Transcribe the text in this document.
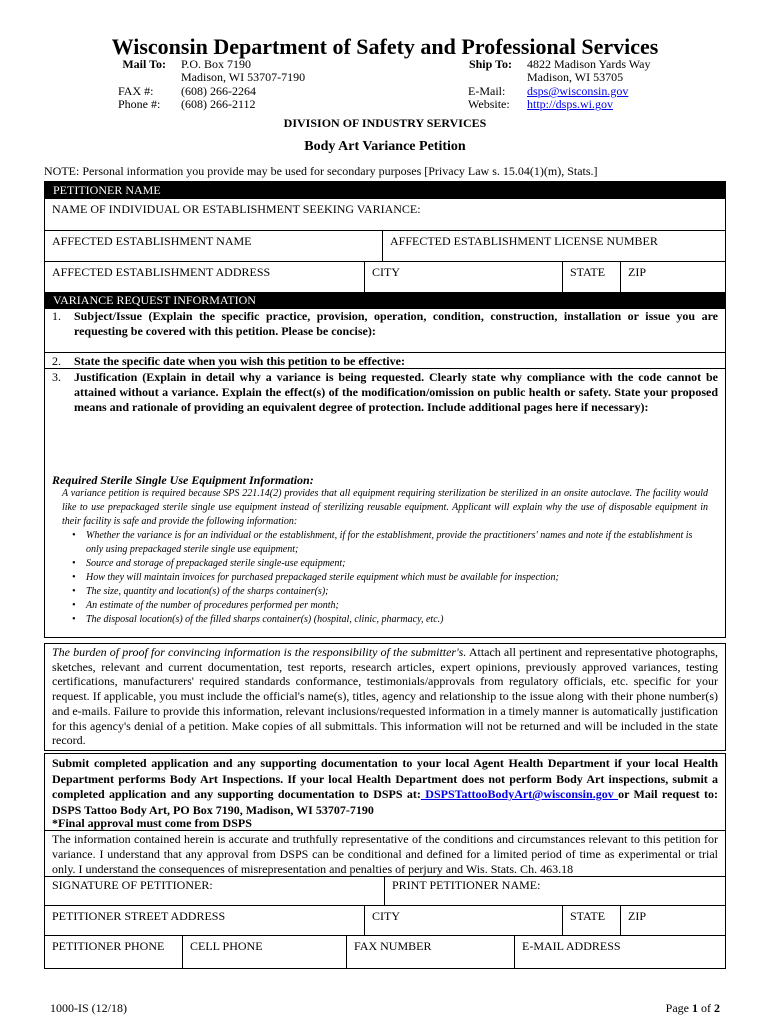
Wisconsin Department of Safety and Professional Services
Mail To: P.O. Box 7190
Madison, WI 53707-7190
FAX #: (608) 266-2264
Phone #: (608) 266-2112
Ship To: 4822 Madison Yards Way
Madison, WI 53705
E-Mail: dsps@wisconsin.gov
Website: http://dsps.wi.gov
DIVISION OF INDUSTRY SERVICES
Body Art Variance Petition
NOTE: Personal information you provide may be used for secondary purposes [Privacy Law s. 15.04(1)(m), Stats.]
PETITIONER NAME
NAME OF INDIVIDUAL OR ESTABLISHMENT SEEKING VARIANCE:
AFFECTED ESTABLISHMENT NAME	AFFECTED ESTABLISHMENT LICENSE NUMBER
AFFECTED ESTABLISHMENT ADDRESS	CITY	STATE	ZIP
VARIANCE REQUEST INFORMATION
1. Subject/Issue (Explain the specific practice, provision, operation, condition, construction, installation or issue you are requesting be covered with this petition. Please be concise):
2. State the specific date when you wish this petition to be effective:
3. Justification (Explain in detail why a variance is being requested. Clearly state why compliance with the code cannot be attained without a variance. Explain the effect(s) of the modification/omission on public health or safety. State your proposed means and rationale of providing an equivalent degree of protection. Include additional pages here if necessary):
Required Sterile Single Use Equipment Information:
A variance petition is required because SPS 221.14(2) provides that all equipment requiring sterilization be sterilized in an onsite autoclave. The facility would like to use prepackaged sterile single use equipment instead of sterilizing reusable equipment. Applicant will explain why the use of disposable equipment in their facility is safe and provide the following information:
• Whether the variance is for an individual or the establishment, if for the establishment, provide the practitioners' names and note if the establishment is only using prepackaged sterile single use equipment;
• Source and storage of prepackaged sterile single-use equipment;
• How they will maintain invoices for purchased prepackaged sterile equipment which must be available for inspection;
• The size, quantity and location(s) of the sharps container(s);
• An estimate of the number of procedures performed per month;
• The disposal location(s) of the filled sharps container(s) (hospital, clinic, pharmacy, etc.)
The burden of proof for convincing information is the responsibility of the submitter's. Attach all pertinent and representative photographs, sketches, relevant and current documentation, test reports, research articles, expert opinions, previously approved variances, testing certifications, manufacturers' required standards conformance, testimonials/approvals from regulatory officials, etc. specific for your request. If applicable, you must include the official's name(s), titles, agency and relationship to the issue along with their phone number(s) and e-mails. Failure to provide this information, relevant inclusions/requested information in a timely manner is automatically justification for this agency's denial of a petition. Make copies of all submittals. This information will not be returned and will be included in the state record.
Submit completed application and any supporting documentation to your local Agent Health Department if your local Health Department performs Body Art Inspections. If your local Health Department does not perform Body Art inspections, submit a completed application and any supporting documentation to DSPS at: DSPSTattooBodyArt@wisconsin.gov or Mail request to: DSPS Tattoo Body Art, PO Box 7190, Madison, WI 53707-7190
*Final approval must come from DSPS
The information contained herein is accurate and truthfully representative of the conditions and circumstances relevant to this petition for variance. I understand that any approval from DSPS can be conditional and defined for a limited period of time as experimental or trial only. I understand the consequences of misrepresentation and penalties of perjury and Wis. Stats. Ch. 463.18
SIGNATURE OF PETITIONER:	PRINT PETITIONER NAME:
PETITIONER STREET ADDRESS	CITY	STATE	ZIP
PETITIONER PHONE	CELL PHONE	FAX NUMBER	E-MAIL ADDRESS
1000-IS (12/18)	Page 1 of 2
